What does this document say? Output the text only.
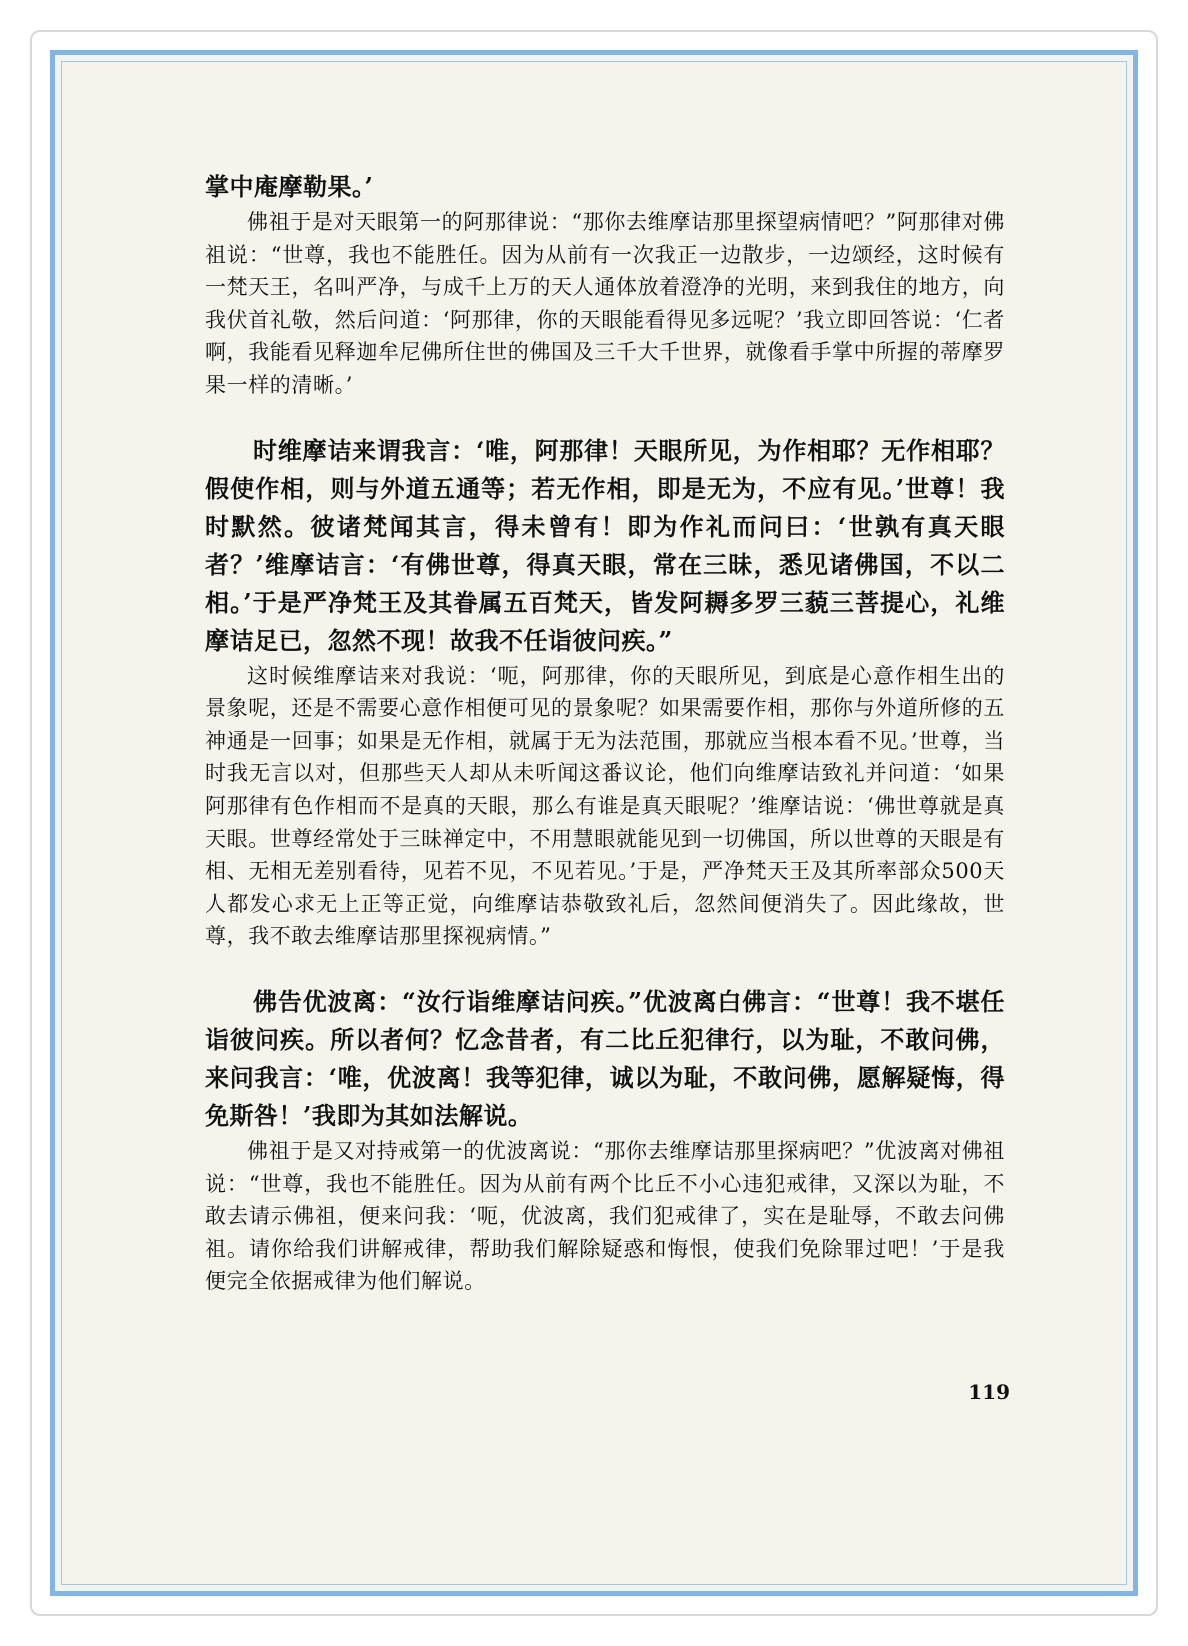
掌中庵摩勒果。’

佛祖于是对天眼第一的阿那律说：“那你去维摩诘那里探望病情吧？”阿那律对佛祖说：“世尊，我也不能胜任。因为从前有一次我正一边散步，一边颂经，这时候有一梵天王，名叫严净，与成千上万的天人通体放着澄净的光明，来到我住的地方，向我伏首礼敬，然后问道：‘阿那律，你的天眼能看得见多远呢？’我立即回答说：‘仁者啊，我能看见释迦牟尼佛所住世的佛国及三千大千世界，就像看手掌中所握的蒂摩罗果一样的清晰。’

时维摩诘来谓我言：‘唯，阿那律！天眼所见，为作相耶？无作相耶？假使作相，则与外道五通等；若无作相，即是无为，不应有见。’世尊！我时默然。彼诸梵闻其言，得未曾有！即为作礼而问曰：‘世孰有真天眼者？’维摩诘言：‘有佛世尊，得真天眼，常在三昧，悉见诸佛国，不以二相。’于是严净梵王及其眷属五百梵天，皆发阿耨多罗三藐三菩提心，礼维摩诘足已，忽然不现！故我不任诣彼问疾。”

这时候维摩诘来对我说：‘呃，阿那律，你的天眼所见，到底是心意作相生出的景象呢，还是不需要心意作相便可见的景象呢？如果需要作相，那你与外道所修的五神通是一回事；如果是无作相，就属于无为法范围，那就应当根本看不见。’世尊，当时我无言以对，但那些天人却从未听闻这番议论，他们向维摩诘致礼并问道：‘如果阿那律有色作相而不是真的天眼，那么有谁是真天眼呢？’维摩诘说：‘佛世尊就是真天眼。世尊经常处于三昧禅定中，不用慧眼就能见到一切佛国，所以世尊的天眼是有相、无相无差别看待，见若不见，不见若见。’于是，严净梵天王及其所率部众500天人都发心求无上正等正觉，向维摩诘恭敬致礼后，忽然间便消失了。因此缘故，世尊，我不敢去维摩诘那里探视病情。”

佛告优波离：“汝行诣维摩诘问疾。”优波离白佛言：“世尊！我不堪任诣彼问疾。所以者何？忆念昔者，有二比丘犯律行，以为耻，不敢问佛，来问我言：‘唯，优波离！我等犯律，诚以为耻，不敢问佛，愿解疑悔，得免斯咎！’我即为其如法解说。

佛祖于是又对持戒第一的优波离说：“那你去维摩诘那里探病吧？”优波离对佛祖说：“世尊，我也不能胜任。因为从前有两个比丘不小心违犯戒律，又深以为耻，不敢去请示佛祖，便来问我：‘呃，优波离，我们犯戒律了，实在是耻辱，不敢去问佛祖。请你给我们讲解戒律，帮助我们解除疑惑和悔恨，使我们免除罪过吧！’于是我便完全依据戒律为他们解说。

119
